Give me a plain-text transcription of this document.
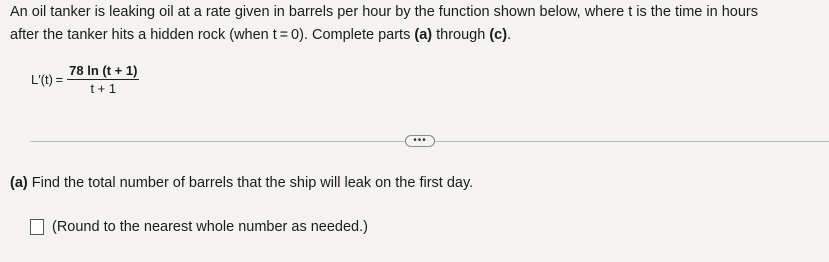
An oil tanker is leaking oil at a rate given in barrels per hour by the function shown below, where t is the time in hours
after the tanker hits a hidden rock (when t = 0). Complete parts (a) through (c).
$L'(t) = \frac{78 \ln (t + 1)}{t + 1}$
•••
(a) Find the total number of barrels that the ship will leak on the first day.
(Round to the nearest whole number as needed.)
